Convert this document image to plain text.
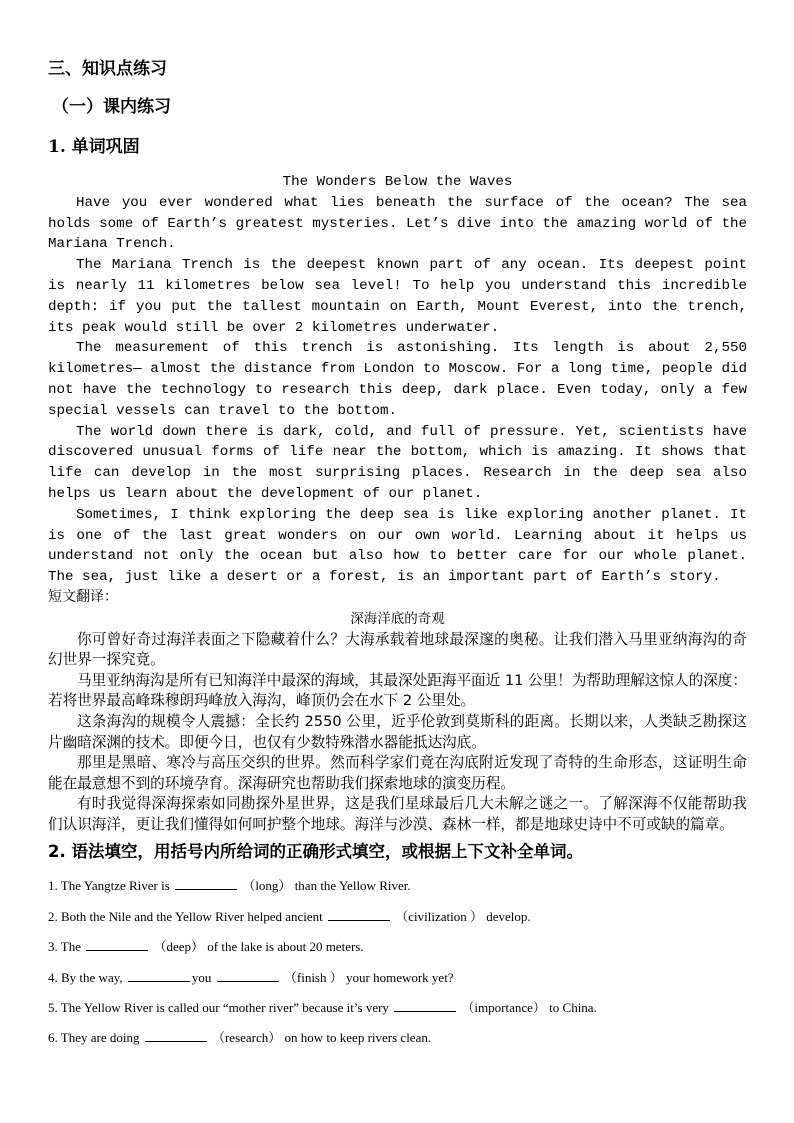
三、知识点练习
（一）课内练习
1. 单词巩固

The Wonders Below the Waves

Have you ever wondered what lies beneath the surface of the ocean? The sea holds some of Earth’s greatest mysteries. Let’s dive into the amazing world of the Mariana Trench.

The Mariana Trench is the deepest known part of any ocean. Its deepest point is nearly 11 kilometres below sea level! To help you understand this incredible depth: if you put the tallest mountain on Earth, Mount Everest, into the trench, its peak would still be over 2 kilometres underwater.

The measurement of this trench is astonishing. Its length is about 2,550 kilometres— almost the distance from London to Moscow. For a long time, people did not have the technology to research this deep, dark place. Even today, only a few special vessels can travel to the bottom.

The world down there is dark, cold, and full of pressure. Yet, scientists have discovered unusual forms of life near the bottom, which is amazing. It shows that life can develop in the most surprising places. Research in the deep sea also helps us learn about the development of our planet.

Sometimes, I think exploring the deep sea is like exploring another planet. It is one of the last great wonders on our own world. Learning about it helps us understand not only the ocean but also how to better care for our whole planet. The sea, just like a desert or a forest, is an important part of Earth’s story.

短文翻译：

深海洋底的奇观

你可曾好奇过海洋表面之下隐藏着什么？大海承载着地球最深邃的奥秘。让我们潜入马里亚纳海沟的奇幻世界一探究竟。

马里亚纳海沟是所有已知海洋中最深的海域，其最深处距海平面近 11 公里！为帮助理解这惊人的深度：若将世界最高峰珠穆朗玛峰放入海沟，峰顶仍会在水下 2 公里处。

这条海沟的规模令人震撼：全长约 2550 公里，近乎伦敦到莫斯科的距离。长期以来，人类缺乏勘探这片幽暗深渊的技术。即便今日，也仅有少数特殊潜水器能抵达沟底。

那里是黑暗、寒冷与高压交织的世界。然而科学家们竟在沟底附近发现了奇特的生命形态，这证明生命能在最意想不到的环境孕育。深海研究也帮助我们探索地球的演变历程。

有时我觉得深海探索如同勘探外星世界，这是我们星球最后几大未解之谜之一。了解深海不仅能帮助我们认识海洋，更让我们懂得如何呵护整个地球。海洋与沙漠、森林一样，都是地球史诗中不可或缺的篇章。

2. 语法填空，用括号内所给词的正确形式填空，或根据上下文补全单词。

1. The Yangtze River is	（long） than the Yellow River.

2. Both the Nile and the Yellow River helped ancient	（civilization ） develop.

3. The	（deep） of the lake is about 20 meters.

4. By the way,	you	（finish ） your homework yet?

5. The Yellow River is called our “mother river” because it’s very	（importance） to China.

6. They are doing	（research） on how to keep rivers clean.
